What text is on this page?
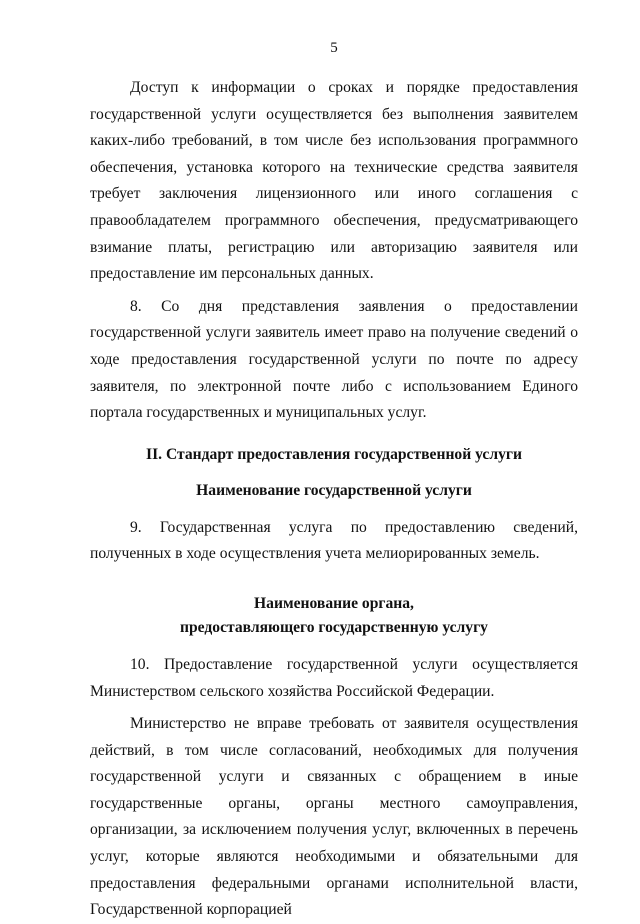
5

Доступ к информации о сроках и порядке предоставления государственной услуги осуществляется без выполнения заявителем каких-либо требований, в том числе без использования программного обеспечения, установка которого на технические средства заявителя требует заключения лицензионного или иного соглашения с правообладателем программного обеспечения, предусматривающего взимание платы, регистрацию или авторизацию заявителя или предоставление им персональных данных.

8. Со дня представления заявления о предоставлении государственной услуги заявитель имеет право на получение сведений о ходе предоставления государственной услуги по почте по адресу заявителя, по электронной почте либо с использованием Единого портала государственных и муниципальных услуг.

II. Стандарт предоставления государственной услуги
Наименование государственной услуги

9. Государственная услуга по предоставлению сведений, полученных в ходе осуществления учета мелиорированных земель.

Наименование органа,
предоставляющего государственную услугу

10. Предоставление государственной услуги осуществляется Министерством сельского хозяйства Российской Федерации.

Министерство не вправе требовать от заявителя осуществления действий, в том числе согласований, необходимых для получения государственной услуги и связанных с обращением в иные государственные органы, органы местного самоуправления, организации, за исключением получения услуг, включенных в перечень услуг, которые являются необходимыми и обязательными для предоставления федеральными органами исполнительной власти, Государственной корпорацией
